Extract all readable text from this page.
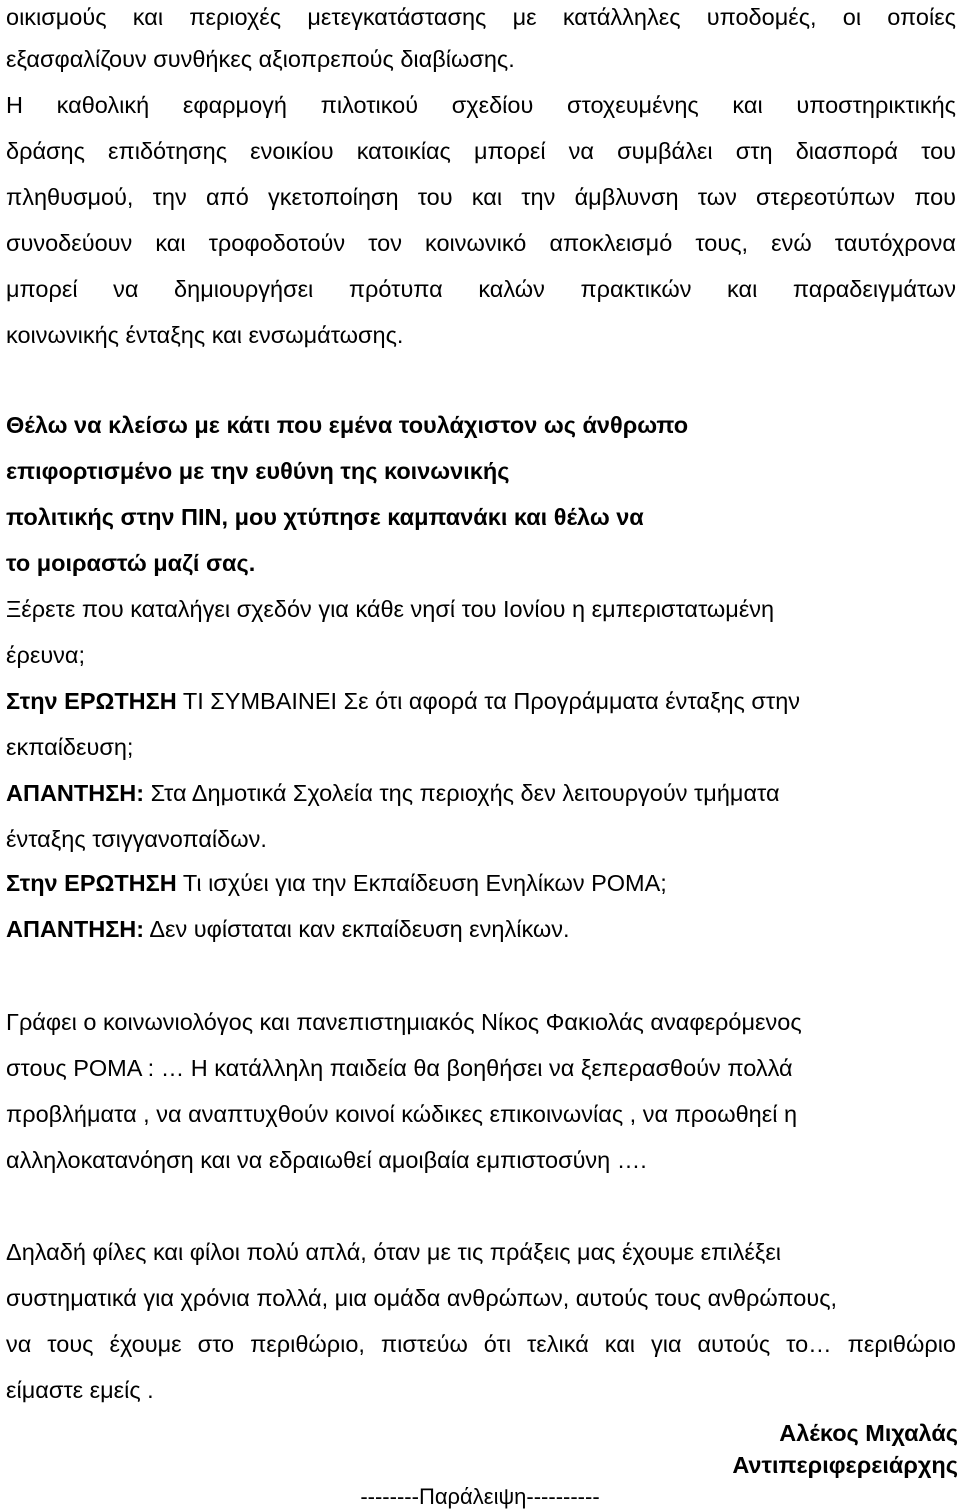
οικισμούς και περιοχές μετεγκατάστασης με κατάλληλες υποδομές, οι οποίες
εξασφαλίζουν συνθήκες αξιοπρεπούς διαβίωσης.
Η καθολική εφαρμογή πιλοτικού σχεδίου στοχευμένης και υποστηρικτικής
δράσης επιδότησης ενοικίου κατοικίας μπορεί να συμβάλει στη διασπορά του
πληθυσμού, την από γκετοποίηση του και την άμβλυνση των στερεοτύπων που
συνοδεύουν και τροφοδοτούν τον κοινωνικό αποκλεισμό τους, ενώ ταυτόχρονα
μπορεί να δημιουργήσει πρότυπα καλών πρακτικών και παραδειγμάτων
κοινωνικής ένταξης και ενσωμάτωσης.
Θέλω να κλείσω με κάτι που εμένα τουλάχιστον ως άνθρωπο
επιφορτισμένο με την ευθύνη της κοινωνικής
πολιτικής στην ΠΙΝ, μου χτύπησε καμπανάκι και θέλω να
το μοιραστώ μαζί σας.
Ξέρετε που καταλήγει σχεδόν για κάθε νησί του Ιονίου η εμπεριστατωμένη
έρευνα;
Στην ΕΡΩΤΗΣΗ ΤΙ ΣΥΜΒΑΙΝΕΙ Σε ότι αφορά τα Προγράμματα ένταξης στην
εκπαίδευση;
ΑΠΑΝΤΗΣΗ: Στα Δημοτικά Σχολεία της περιοχής δεν λειτουργούν τμήματα
ένταξης τσιγγανοπαίδων.
Στην ΕΡΩΤΗΣΗ Τι ισχύει για την Εκπαίδευση Ενηλίκων ΡΟΜΑ;
ΑΠΑΝΤΗΣΗ: Δεν υφίσταται καν εκπαίδευση ενηλίκων.
Γράφει ο κοινωνιολόγος και πανεπιστημιακός Νίκος Φακιολάς αναφερόμενος
στους ΡΟΜΑ : … Η κατάλληλη παιδεία θα βοηθήσει να ξεπερασθούν πολλά
προβλήματα , να αναπτυχθούν κοινοί κώδικες επικοινωνίας , να προωθηεί η
αλληλοκατανόηση και να εδραιωθεί αμοιβαία εμπιστοσύνη ….
Δηλαδή φίλες και φίλοι πολύ απλά, όταν με τις πράξεις μας έχουμε επιλέξει
συστηματικά για χρόνια πολλά, μια ομάδα ανθρώπων, αυτούς τους ανθρώπους,
να τους έχουμε στο περιθώριο, πιστεύω ότι τελικά και για αυτούς το… περιθώριο
είμαστε εμείς .
Αλέκος Μιχαλάς
Αντιπεριφερειάρχης
--------Παράλειψη----------
